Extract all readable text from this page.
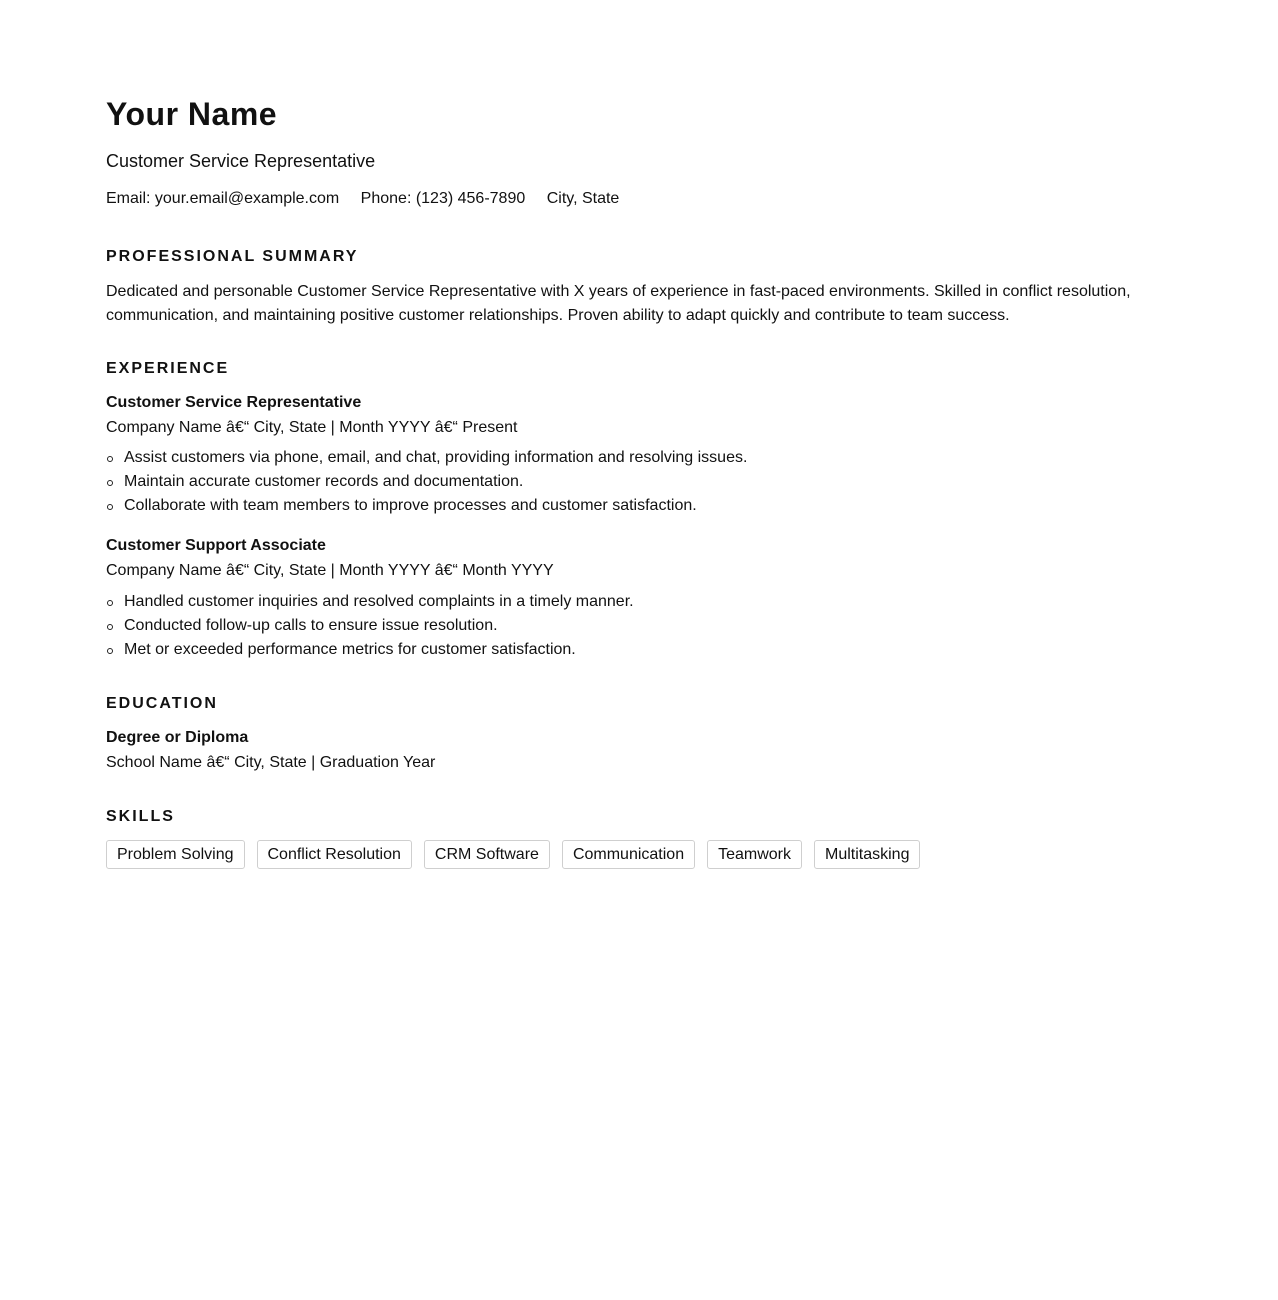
Your Name
Customer Service Representative
Email: your.email@example.com Phone: (123) 456-7890 City, State
PROFESSIONAL SUMMARY

Dedicated and personable Customer Service Representative with X years of experience in fast-paced environments. Skilled in conflict resolution, communication, and maintaining positive customer relationships. Proven ability to adapt quickly and contribute to team success.

EXPERIENCE
Customer Service Representative
Company Name â€“ City, State | Month YYYY â€“ Present
Assist customers via phone, email, and chat, providing information and resolving issues.
Maintain accurate customer records and documentation.
Collaborate with team members to improve processes and customer satisfaction.
Customer Support Associate
Company Name â€“ City, State | Month YYYY â€“ Month YYYY
Handled customer inquiries and resolved complaints in a timely manner.
Conducted follow-up calls to ensure issue resolution.
Met or exceeded performance metrics for customer satisfaction.
EDUCATION
Degree or Diploma
School Name â€“ City, State | Graduation Year
SKILLS
Problem Solving	Conflict Resolution	CRM Software	Communication	Teamwork	Multitasking
